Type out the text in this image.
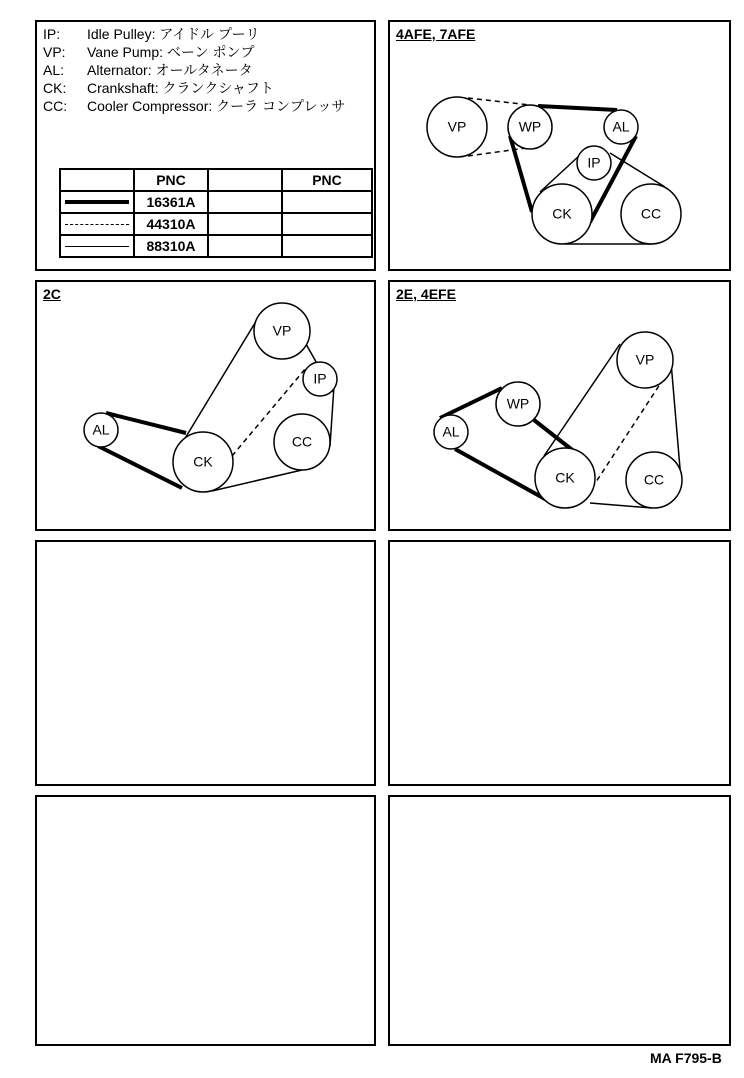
IP: Idle Pulley: アイドル プーリ
VP: Vane Pump: ベーン ポンプ
AL: Alternator: オールタネータ
CK: Crankshaft: クランクシャフト
CC: Cooler Compressor: クーラ コンプレッサ
	PNC		PNC

	16361A		

	44310A		

	88310A		
4AFE, 7AFE
2C	2E, 4EFE
VP	WP	AL
IP
CK	CC
VP
IP
AL
CK
CC
VP
WP
AL
CK	CC
MA F795-B
